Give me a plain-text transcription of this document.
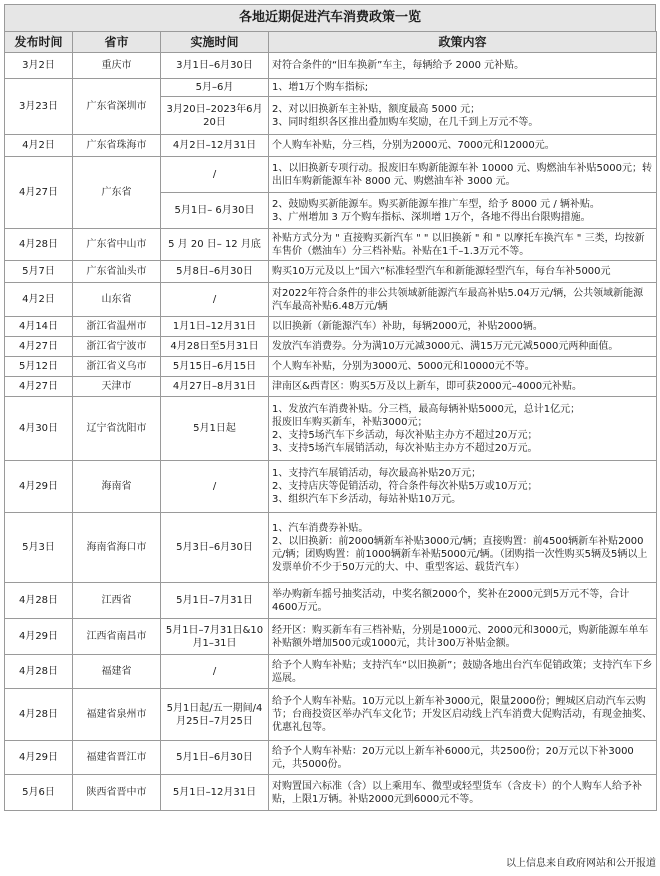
各地近期促进汽车消费政策一览
发布时间	省市	实施时间	政策内容
3月2日	重庆市	3月1日–6月30日	对符合条件的“旧车换新”车主，每辆给予 2000 元补贴。
3月23日	广东省深圳市	5月–6月	1、增1万个购车指标;
		3月20日–2023年6月20日	2、对以旧换新车主补贴，额度最高 5000 元；
3、同时组织各区推出叠加购车奖励，在几千到上万元不等。
4月2日	广东省珠海市	4月2日–12月31日	个人购车补贴，分三档，分别为2000元、7000元和12000元。
4月27日	广东省	/	1、以旧换新专项行动。报废旧车购新能源车补 10000 元、购燃油车补贴5000元；转出旧车购新能源车补 8000 元、购燃油车补 3000 元。
		5月1日– 6月30日	2、鼓励购买新能源车。购买新能源车推广车型，给予 8000 元 / 辆补贴。
3、广州增加 3 万个购车指标、深圳增 1万个，各地不得出台限购措施。
4月28日	广东省中山市	5 月 20 日– 12 月底	补贴方式分为 " 直接购买新汽车 " " 以旧换新 " 和 " 以摩托车换汽车 " 三类，均按新车售价（燃油车）分三档补贴。补贴在1千–1.3万元不等。
5月7日	广东省汕头市	5月8日–6月30日	购买10万元及以上“国六”标准轻型汽车和新能源轻型汽车，每台车补5000元
4月2日	山东省	/	对2022年符合条件的非公共领域新能源汽车最高补贴5.04万元/辆，公共领域新能源汽车最高补贴6.48万元/辆
4月14日	浙江省温州市	1月1日–12月31日	以旧换新（新能源汽车）补助，每辆2000元，补贴2000辆。
4月27日	浙江省宁波市	4月28日至5月31日	发放汽车消费券。分为满10万元减3000元、满15万元元减5000元两种面值。
5月12日	浙江省义乌市	5月15日–6月15日	个人购车补贴，分别为3000元、5000元和10000元不等。
4月27日	天津市	4月27日–8月31日	津南区&西青区：购买5万及以上新车，即可获2000元–4000元补贴。
4月30日	辽宁省沈阳市	5月1日起	1、发放汽车消费补贴。分三档，最高每辆补贴5000元，总计1亿元；
报废旧车购买新车，补贴3000元；
2、支持5场汽车下乡活动，每次补贴主办方不超过20万元；
3、支持5场汽车展销活动，每次补贴主办方不超过20万元。
4月29日	海南省	/	1、支持汽车展销活动，每次最高补贴20万元；
2、支持店庆等促销活动，符合条件每次补贴5万或10万元；
3、组织汽车下乡活动，每站补贴10万元。
5月3日	海南省海口市	5月3日–6月30日	1、汽车消费券补贴。
2、以旧换新：前2000辆新车补贴3000元/辆；直接购置：前4500辆新车补贴2000元/辆；团购购置：前1000辆新车补贴5000元/辆。（团购指一次性购买5辆及5辆以上发票单价不少于50万元的大、中、重型客运、载货汽车）
4月28日	江西省	5月1日–7月31日	举办购新车摇号抽奖活动，中奖名额2000个，奖补在2000元到5万元不等，合计4600万元。
4月29日	江西省南昌市	5月1日–7月31日&10月1–31日	经开区：购买新车有三档补贴，分别是1000元、2000元和3000元，购新能源车单车补贴额外增加500元或1000元，共计300万补贴金额。
4月28日	福建省	/	给予个人购车补贴；支持汽车“以旧换新”；鼓励各地出台汽车促销政策；支持汽车下乡巡展。
4月28日	福建省泉州市	5月1日起/五一期间/4月25日–7月25日	给予个人购车补贴。10万元以上新车补3000元，限量2000份；鲤城区启动汽车云购节；台商投资区举办汽车文化节；开发区启动线上汽车消费大促购活动，有现金抽奖、优惠礼包等。
4月29日	福建省晋江市	5月1日–6月30日	给予个人购车补贴：20万元以上新车补6000元，共2500份；20万元以下补3000元，共5000份。
5月6日	陕西省晋中市	5月1日–12月31日	对购置国六标准（含）以上乘用车、微型或轻型货车（含皮卡）的个人购车人给予补贴，上限1万辆。补贴2000元到6000元不等。
以上信息来自政府网站和公开报道
